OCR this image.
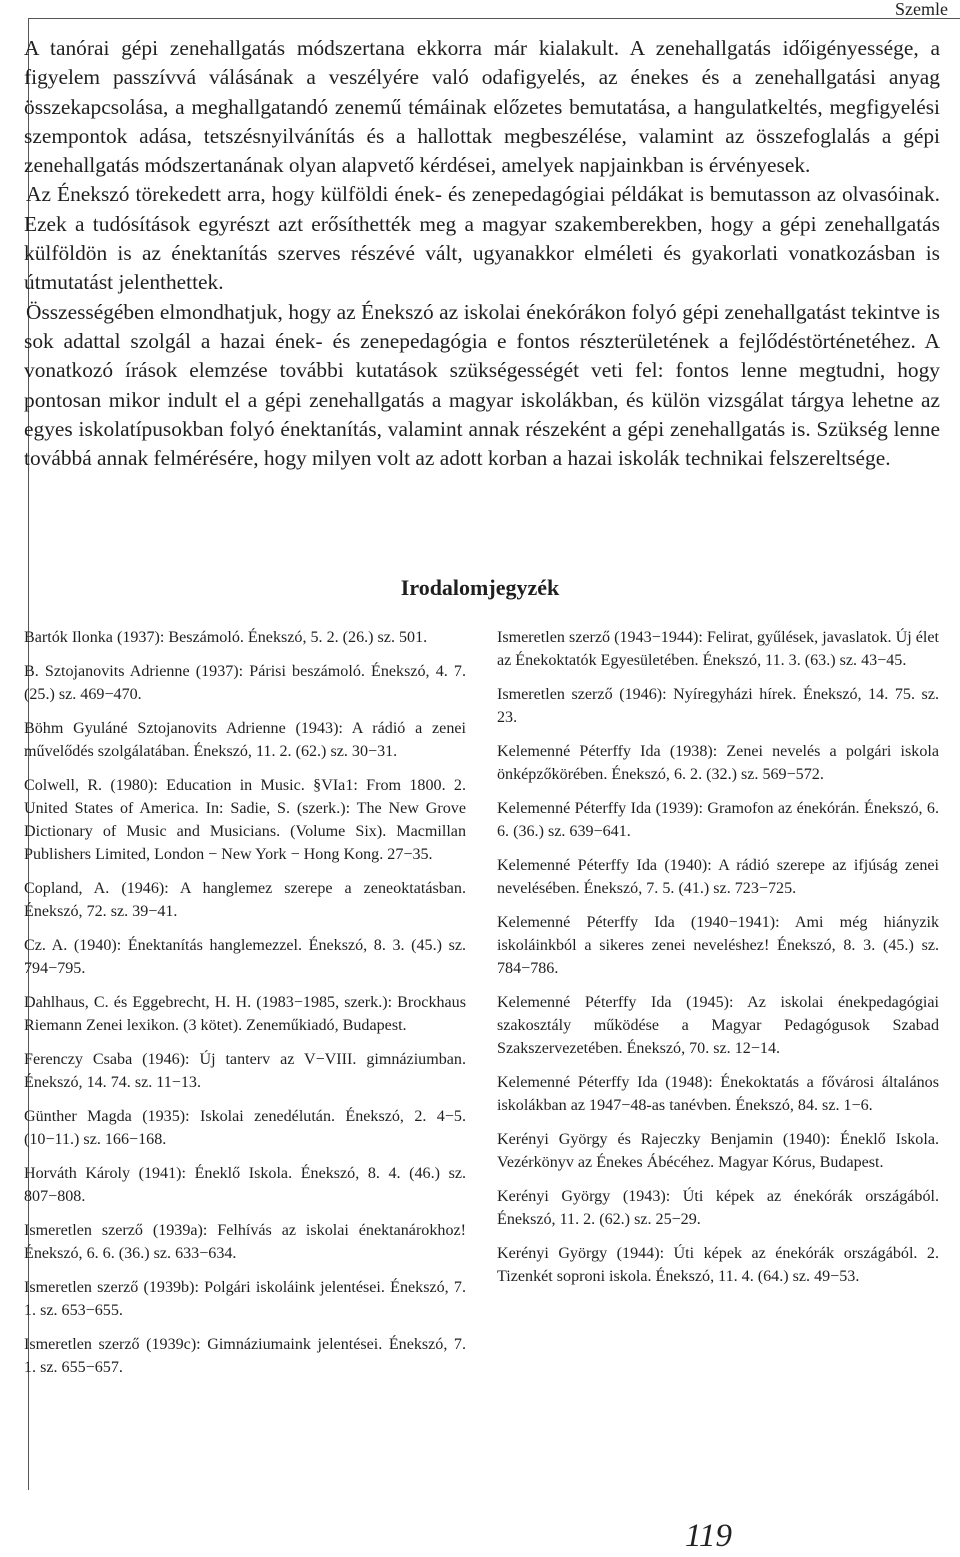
Szemle

A tanórai gépi zenehallgatás módszertana ekkorra már kialakult. A zenehallgatás időigényessége, a figyelem passzívvá válásának a veszélyére való odafigyelés, az énekes és a zenehallgatási anyag összekapcsolása, a meghallgatandó zenemű témáinak előzetes bemutatása, a hangulatkeltés, megfigyelési szempontok adása, tetszésnyilvánítás és a hallottak megbeszélése, valamint az összefoglalás a gépi zenehallgatás módszertanának olyan alapvető kérdései, amelyek napjainkban is érvényesek.

Az Énekszó törekedett arra, hogy külföldi ének- és zenepedagógiai példákat is bemutasson az olvasóinak. Ezek a tudósítások egyrészt azt erősíthették meg a magyar szakemberekben, hogy a gépi zenehallgatás külföldön is az énektanítás szerves részévé vált, ugyanakkor elméleti és gyakorlati vonatkozásban is útmutatást jelenthettek.

Összességében elmondhatjuk, hogy az Énekszó az iskolai énekórákon folyó gépi zenehallgatást tekintve is sok adattal szolgál a hazai ének- és zenepedagógia e fontos részterületének a fejlődéstörténetéhez. A vonatkozó írások elemzése további kutatások szükségességét veti fel: fontos lenne megtudni, hogy pontosan mikor indult el a gépi zenehallgatás a magyar iskolákban, és külön vizsgálat tárgya lehetne az egyes iskolatípusokban folyó énektanítás, valamint annak részeként a gépi zenehallgatás is. Szükség lenne továbbá annak felmérésére, hogy milyen volt az adott korban a hazai iskolák technikai felszereltsége.

Irodalomjegyzék

Bartók Ilonka (1937): Beszámoló. Énekszó, 5. 2. (26.) sz. 501.

B. Sztojanovits Adrienne (1937): Párisi beszámoló. Énekszó, 4. 7. (25.) sz. 469−470.

Böhm Gyuláné Sztojanovits Adrienne (1943): A rádió a zenei művelődés szolgálatában. Énekszó, 11. 2. (62.) sz. 30−31.

Colwell, R. (1980): Education in Music. §VIa1: From 1800. 2. United States of America. In: Sadie, S. (szerk.): The New Grove Dictionary of Music and Musicians. (Volume Six). Macmillan Publishers Limited, London − New York − Hong Kong. 27−35.

Copland, A. (1946): A hanglemez szerepe a zeneoktatásban. Énekszó, 72. sz. 39−41.

Cz. A. (1940): Énektanítás hanglemezzel. Énekszó, 8. 3. (45.) sz. 794−795.

Dahlhaus, C. és Eggebrecht, H. H. (1983−1985, szerk.): Brockhaus Riemann Zenei lexikon. (3 kötet). Zeneműkiadó, Budapest.

Ferenczy Csaba (1946): Új tanterv az V−VIII. gimnáziumban. Énekszó, 14. 74. sz. 11−13.

Günther Magda (1935): Iskolai zenedélután. Énekszó, 2. 4−5. (10−11.) sz. 166−168.

Horváth Károly (1941): Éneklő Iskola. Énekszó, 8. 4. (46.) sz. 807−808.

Ismeretlen szerző (1939a): Felhívás az iskolai énektanárokhoz! Énekszó, 6. 6. (36.) sz. 633−634.

Ismeretlen szerző (1939b): Polgári iskoláink jelentései. Énekszó, 7. 1. sz. 653−655.

Ismeretlen szerző (1939c): Gimnáziumaink jelentései. Énekszó, 7. 1. sz. 655−657.

Ismeretlen szerző (1943−1944): Felirat, gyűlések, javaslatok. Új élet az Énekoktatók Egyesületében. Énekszó, 11. 3. (63.) sz. 43−45.

Ismeretlen szerző (1946): Nyíregyházi hírek. Énekszó, 14. 75. sz. 23.

Kelemenné Péterffy Ida (1938): Zenei nevelés a polgári iskola önképzőkörében. Énekszó, 6. 2. (32.) sz. 569−572.

Kelemenné Péterffy Ida (1939): Gramofon az énekórán. Énekszó, 6. 6. (36.) sz. 639−641.

Kelemenné Péterffy Ida (1940): A rádió szerepe az ifjúság zenei nevelésében. Énekszó, 7. 5. (41.) sz. 723−725.

Kelemenné Péterffy Ida (1940−1941): Ami még hiányzik iskoláinkból a sikeres zenei neveléshez! Énekszó, 8. 3. (45.) sz. 784−786.

Kelemenné Péterffy Ida (1945): Az iskolai énekpedagógiai szakosztály működése a Magyar Pedagógusok Szabad Szakszervezetében. Énekszó, 70. sz. 12−14.

Kelemenné Péterffy Ida (1948): Énekoktatás a fővárosi általános iskolákban az 1947−48-as tanévben. Énekszó, 84. sz. 1−6.

Kerényi György és Rajeczky Benjamin (1940): Éneklő Iskola. Vezérkönyv az Énekes Ábécéhez. Magyar Kórus, Budapest.

Kerényi György (1943): Úti képek az énekórák országából. Énekszó, 11. 2. (62.) sz. 25−29.

Kerényi György (1944): Úti képek az énekórák országából. 2. Tizenkét soproni iskola. Énekszó, 11. 4. (64.) sz. 49−53.

119
